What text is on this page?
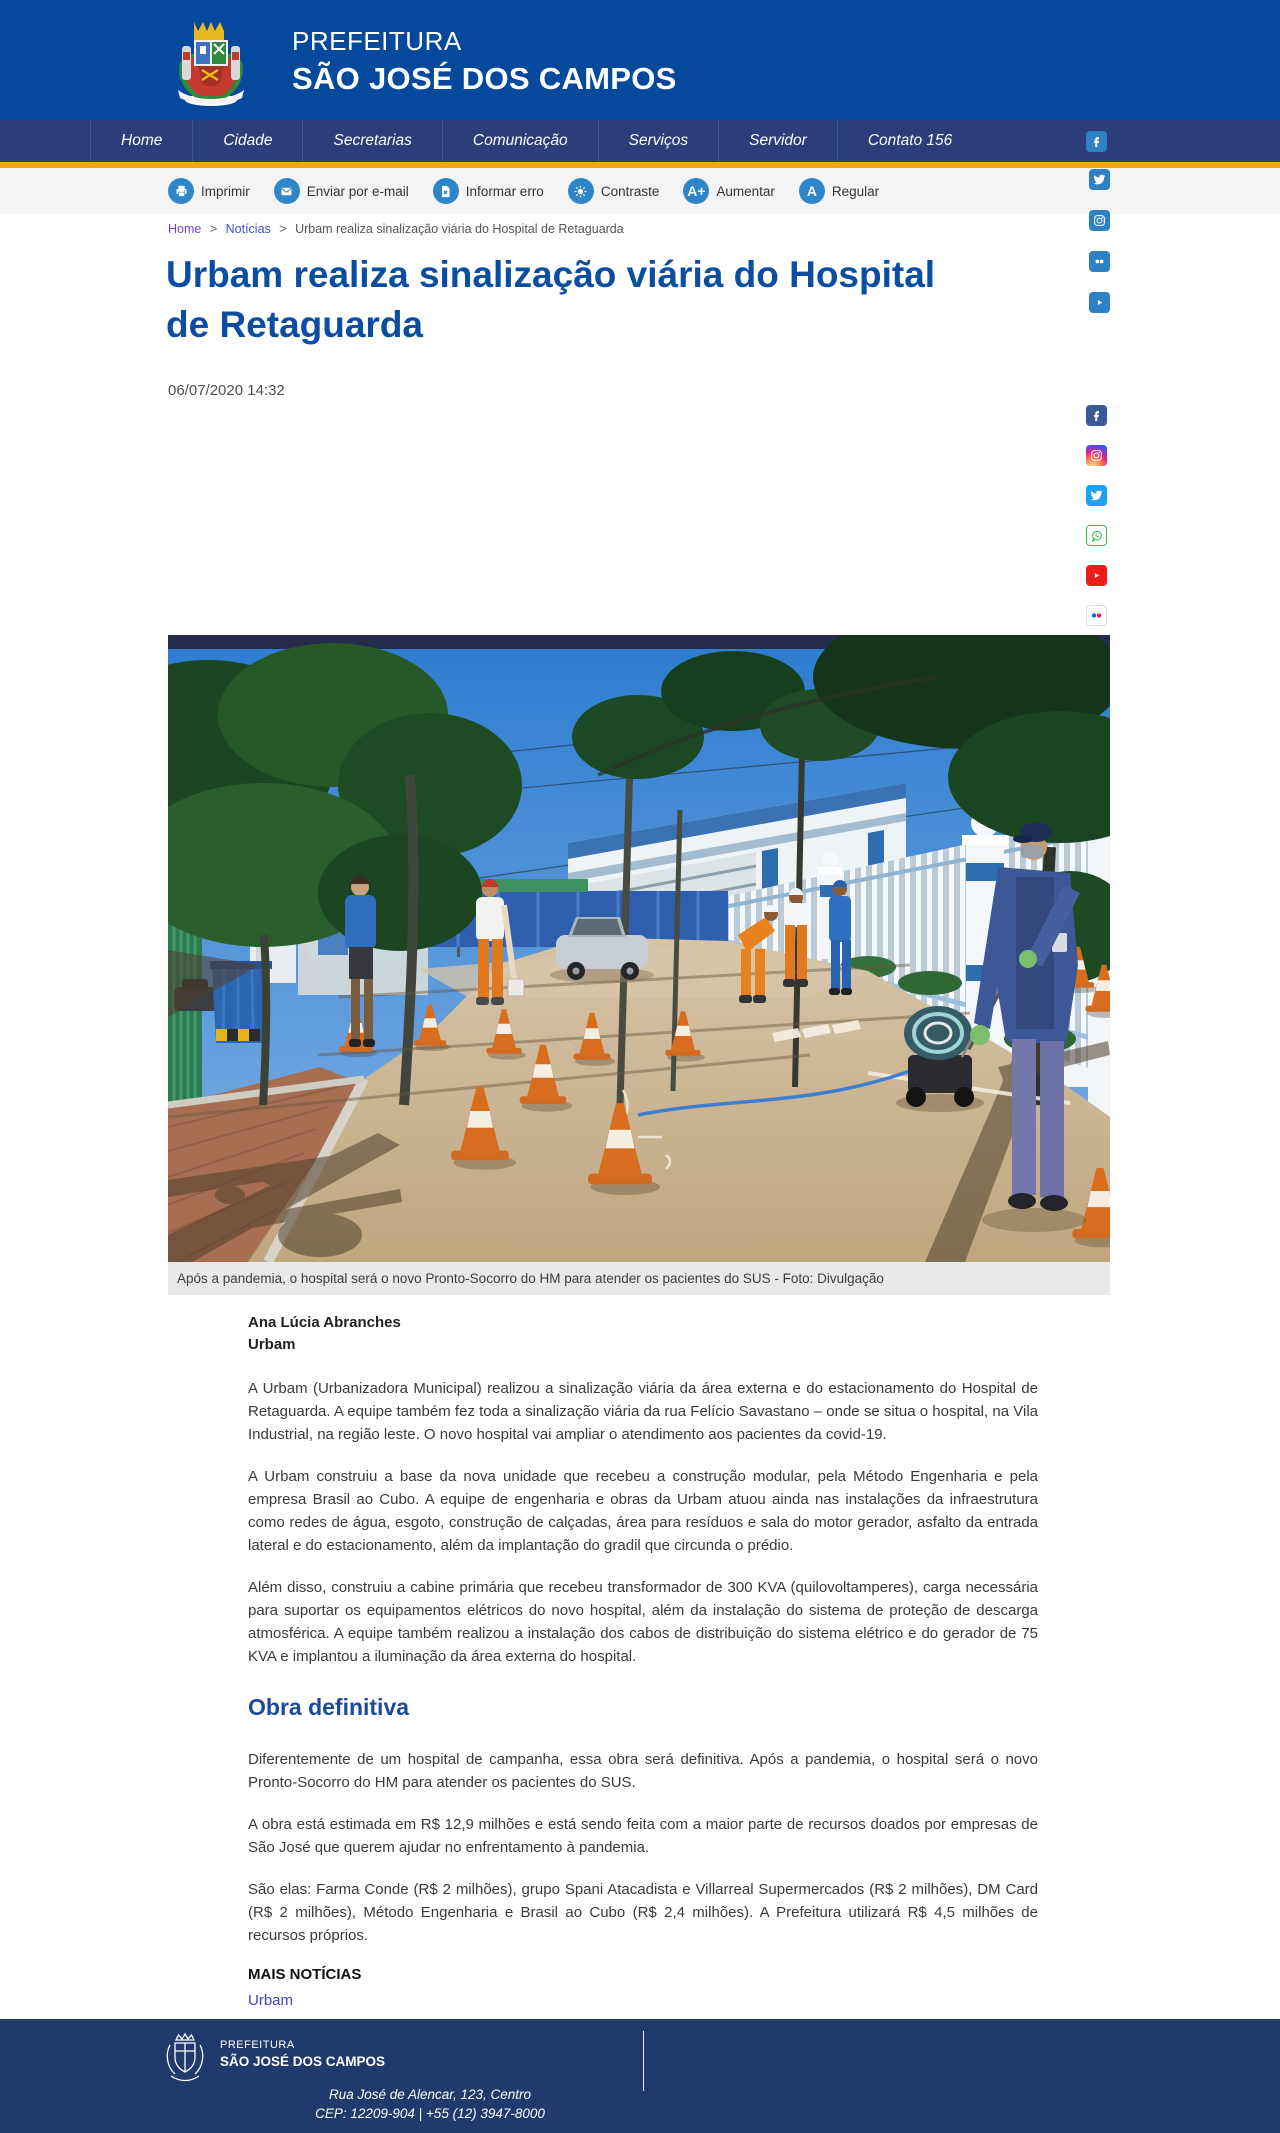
PREFEITURA
SÃO JOSÉ DOS CAMPOS
Home	Cidade	Secretarias	Comunicação	Serviços	Servidor	Contato 156
Imprimir	Enviar por e-mail	Informar erro	Contraste A+ Aumentar A Regular
Home > Notícias > Urbam realiza sinalização viária do Hospital de Retaguarda
Urbam realiza sinalização viária do Hospital de Retaguarda
06/07/2020 14:32
Após a pandemia, o hospital será o novo Pronto-Socorro do HM para atender os pacientes do SUS - Foto: Divulgação
Ana Lúcia Abranches
Urbam

A Urbam (Urbanizadora Municipal) realizou a sinalização viária da área externa e do estacionamento do Hospital de Retaguarda. A equipe também fez toda a sinalização viária da rua Felício Savastano – onde se situa o hospital, na Vila Industrial, na região leste. O novo hospital vai ampliar o atendimento aos pacientes da covid-19.

A Urbam construiu a base da nova unidade que recebeu a construção modular, pela Método Engenharia e pela empresa Brasil ao Cubo. A equipe de engenharia e obras da Urbam atuou ainda nas instalações da infraestrutura como redes de água, esgoto, construção de calçadas, área para resíduos e sala do motor gerador, asfalto da entrada lateral e do estacionamento, além da implantação do gradil que circunda o prédio.

Além disso, construiu a cabine primária que recebeu transformador de 300 KVA (quilovoltamperes), carga necessária para suportar os equipamentos elétricos do novo hospital, além da instalação do sistema de proteção de descarga atmosférica. A equipe também realizou a instalação dos cabos de distribuição do sistema elétrico e do gerador de 75 KVA e implantou a iluminação da área externa do hospital.

Obra definitiva

Diferentemente de um hospital de campanha, essa obra será definitiva. Após a pandemia, o hospital será o novo Pronto-Socorro do HM para atender os pacientes do SUS.

A obra está estimada em R$ 12,9 milhões e está sendo feita com a maior parte de recursos doados por empresas de São José que querem ajudar no enfrentamento à pandemia.

São elas: Farma Conde (R$ 2 milhões), grupo Spani Atacadista e Villarreal Supermercados (R$ 2 milhões), DM Card (R$ 2 milhões), Método Engenharia e Brasil ao Cubo (R$ 2,4 milhões). A Prefeitura utilizará R$ 4,5 milhões de recursos próprios.

MAIS NOTÍCIAS
Urbam
PREFEITURA
SÃO JOSÉ DOS CAMPOS
Rua José de Alencar, 123, Centro
CEP: 12209-904 | +55 (12) 3947-8000
